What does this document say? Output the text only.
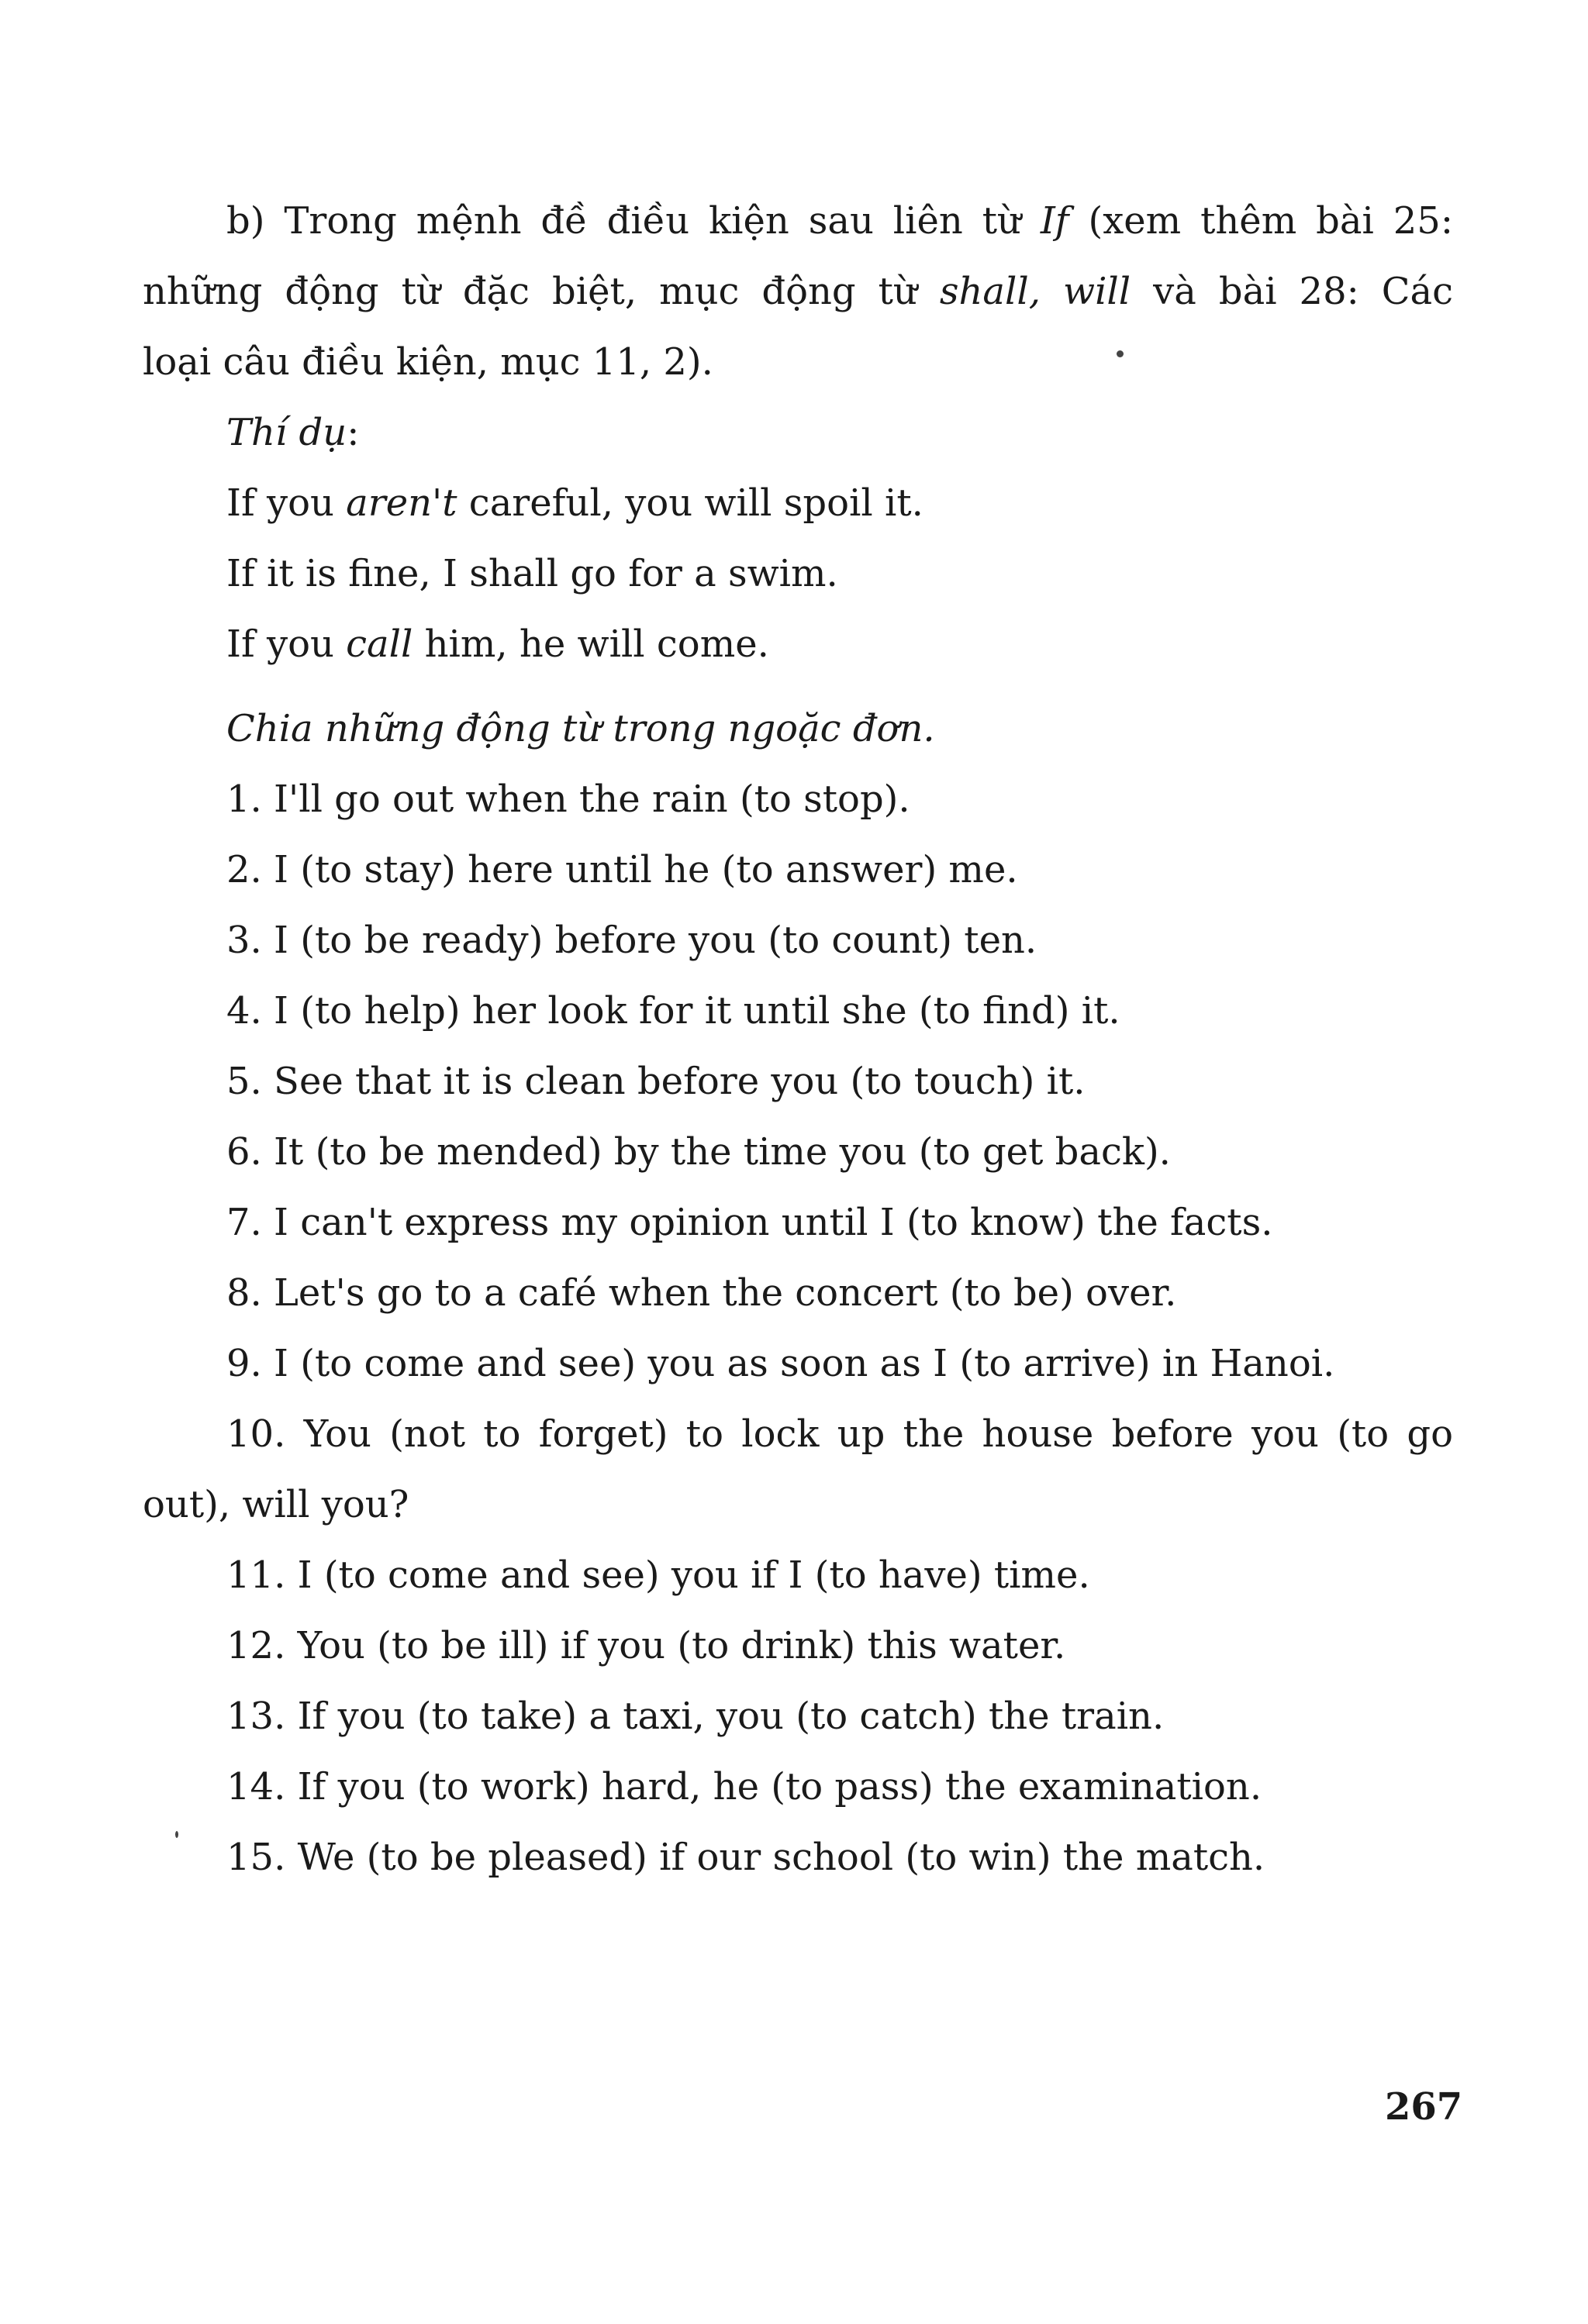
b) Trong mệnh đề điều kiện sau liên từ If (xem thêm bài 25:
những động từ đặc biệt, mục động từ shall, will và bài 28: Các
loại câu điều kiện, mục 11, 2).
Thí dụ:
If you aren't careful, you will spoil it.
If it is fine, I shall go for a swim.
If you call him, he will come.
Chia những động từ trong ngoặc đơn.
1. I'll go out when the rain (to stop).
2. I (to stay) here until he (to answer) me.
3. I (to be ready) before you (to count) ten.
4. I (to help) her look for it until she (to find) it.
5. See that it is clean before you (to touch) it.
6. It (to be mended) by the time you (to get back).
7. I can't express my opinion until I (to know) the facts.
8. Let's go to a café when the concert (to be) over.
9. I (to come and see) you as soon as I (to arrive) in Hanoi.
10. You (not to forget) to lock up the house before you (to go
out), will you?
11. I (to come and see) you if I (to have) time.
12. You (to be ill) if you (to drink) this water.
13. If you (to take) a taxi, you (to catch) the train.
14. If you (to work) hard, he (to pass) the examination.
15. We (to be pleased) if our school (to win) the match.
267
